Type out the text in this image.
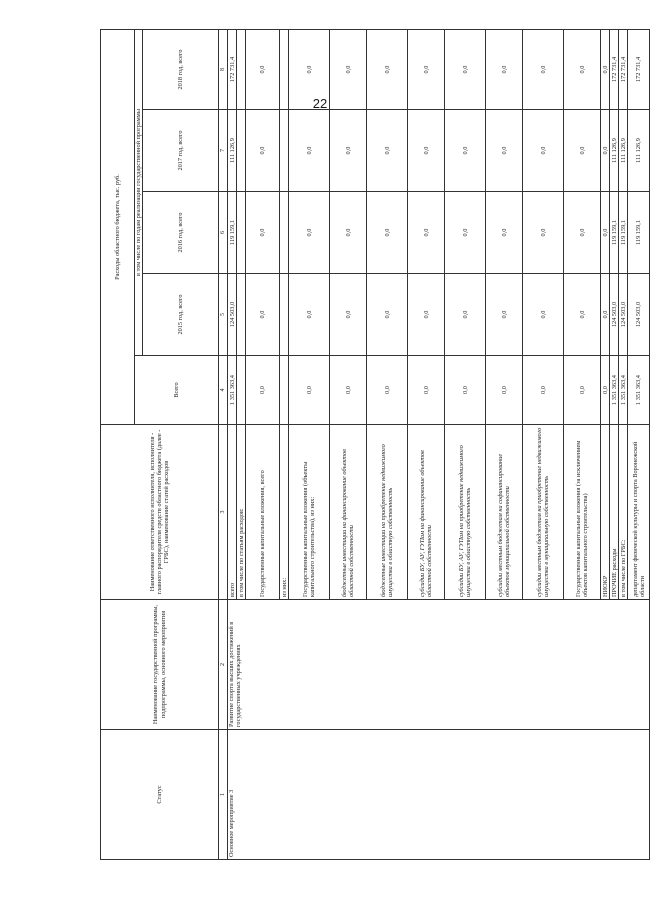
22
Статус	Наименование государственной программы, подпрограммы, основного мероприятия	Наименование ответственного исполнителя, исполнителя - главного распорядителя средств областного бюджета (далее - ГРБС), наименование статей расходов	Расходы областного бюджета, тыс. руб.				
			Всего	в том числе по годам реализации государственной программы			
				2015 год, всего	2016 год, всего	2017 год, всего	2018 год, всего
1	2	3	4	5	6	7	8
Основное мероприятие 3	Развитие спорта высших достижений в государственных учреждениях	всего	1 351 363,4	124 503,0	119 159,1	111 126,9	172 731,4
		в том числе по статьям расходов:					
		Государственные капитальные вложения, всего	0,0	0,0	0,0	0,0	0,0
		из них:					
		Государственные капитальные вложения (объекты капитального строительства), из них:	0,0	0,0	0,0	0,0	0,0
		бюджетные инвестиции на финансирование объектов областной собственности	0,0	0,0	0,0	0,0	0,0
		бюджетные инвестиции на приобретение недвижимого имущества в областную собственность	0,0	0,0	0,0	0,0	0,0
		субсидии БУ, АУ, ГУПам на финансирование объектов областной собственности	0,0	0,0	0,0	0,0	0,0
		субсидии БУ, АУ, ГУПам на приобретение недвижимого имущества в областную собственность	0,0	0,0	0,0	0,0	0,0
		субсидии местным бюджетам на софинансирование объектов муниципальной собственности	0,0	0,0	0,0	0,0	0,0
		субсидии местным бюджетам на приобретение недвижимого имущества в муниципальную собственность	0,0	0,0	0,0	0,0	0,0
		Государственные капитальные вложения (за исключением объектов капитального строительства)	0,0	0,0	0,0	0,0	0,0
		НИОКР	0,0	0,0	0,0	0,0	0,0
		ПРОЧИЕ расходы	1 351 363,4	124 503,0	119 159,1	111 126,9	172 731,4
		в том числе по ГРБС:	1 351 363,4	124 503,0	119 159,1	111 126,9	172 731,4
		департамент физической культуры и спорта Воронежской области	1 351 363,4	124 503,0	119 159,1	111 126,9	172 731,4
